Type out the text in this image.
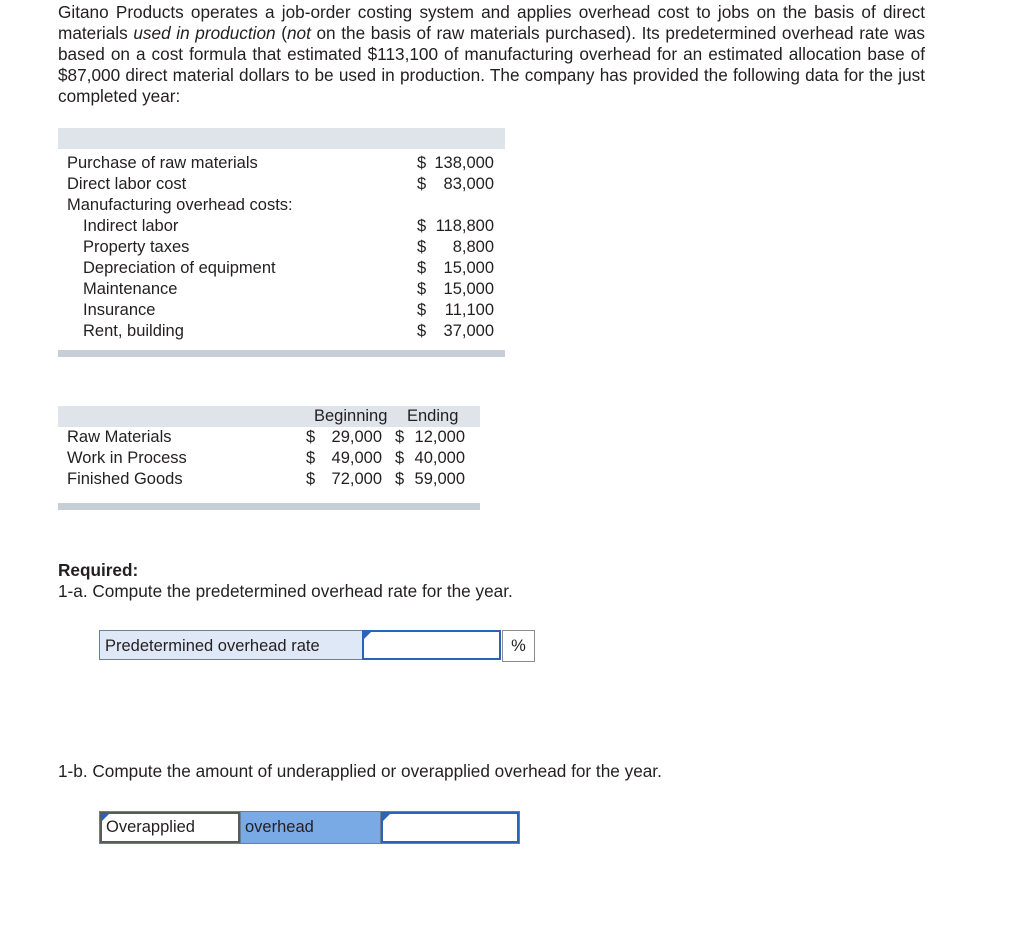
Gitano Products operates a job-order costing system and applies overhead cost to jobs on the basis of direct materials used in production (not on the basis of raw materials purchased). Its predetermined overhead rate was based on a cost formula that estimated $113,100 of manufacturing overhead for an estimated allocation base of $87,000 direct material dollars to be used in production. The company has provided the following data for the just completed year:

Purchase of raw materials	$ 138,000
Direct labor cost	$ 83,000
Manufacturing overhead costs:
Indirect labor	$ 118,800
Property taxes	$ 8,800
Depreciation of equipment	$ 15,000
Maintenance	$ 15,000
Insurance	$ 11,100
Rent, building	$ 37,000
Beginning Ending
Raw Materials	$ 29,000 $ 12,000
Work in Process	$ 49,000 $ 40,000
Finished Goods	$ 72,000 $ 59,000

Required:
1-a. Compute the predetermined overhead rate for the year.

Predetermined overhead rate	%

1-b. Compute the amount of underapplied or overapplied overhead for the year.

Overapplied	overhead
